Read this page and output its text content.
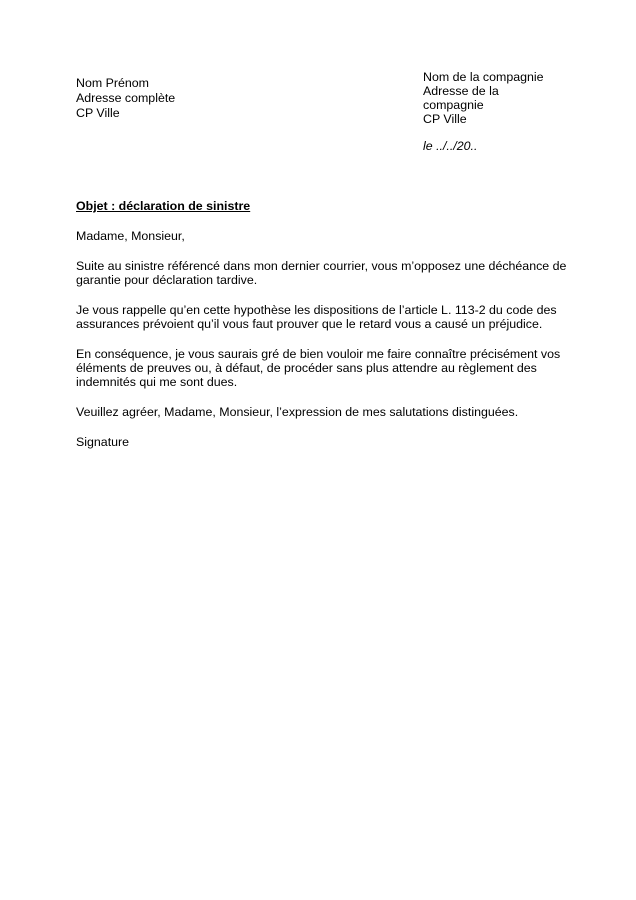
Nom Prénom
Adresse complète
CP Ville
Nom de la compagnie
Adresse de la
compagnie
CP Ville
le ../../20..
Objet : déclaration de sinistre
Madame, Monsieur,
Suite au sinistre référencé dans mon dernier courrier, vous m’opposez une déchéance de
garantie pour déclaration tardive.
Je vous rappelle qu’en cette hypothèse les dispositions de l’article L. 113-2 du code des
assurances prévoient qu’il vous faut prouver que le retard vous a causé un préjudice.
En conséquence, je vous saurais gré de bien vouloir me faire connaître précisément vos
éléments de preuves ou, à défaut, de procéder sans plus attendre au règlement des
indemnités qui me sont dues.
Veuillez agréer, Madame, Monsieur, l’expression de mes salutations distinguées.
Signature
